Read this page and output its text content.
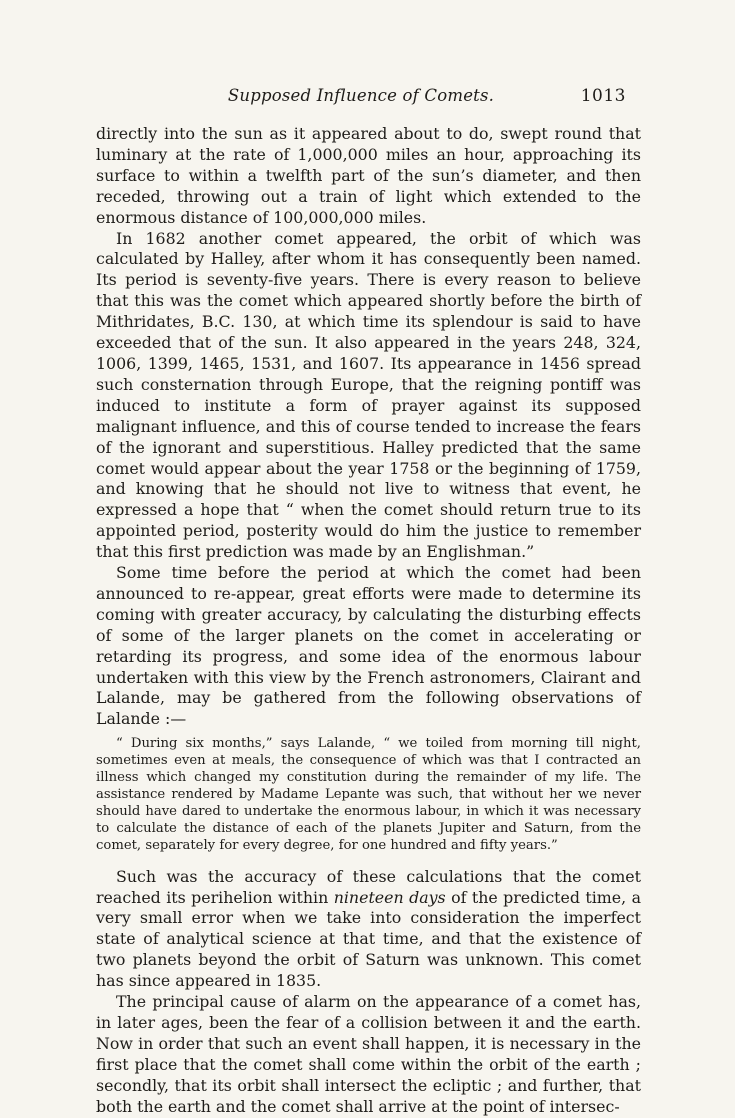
Supposed Influence of Comets.	1013

directly into the sun as it appeared about to do, swept round that luminary at the rate of 1,000,000 miles an hour, approaching its surface to within a twelfth part of the sun’s diameter, and then receded, throwing out a train of light which extended to the enormous distance of 100,000,000 miles.

In 1682 another comet appeared, the orbit of which was calculated by Halley, after whom it has consequently been named. Its period is seventy-five years. There is every reason to believe that this was the comet which appeared shortly before the birth of Mithridates, B.C. 130, at which time its splendour is said to have exceeded that of the sun. It also appeared in the years 248, 324, 1006, 1399, 1465, 1531, and 1607. Its appearance in 1456 spread such consternation through Europe, that the reigning pontiff was induced to institute a form of prayer against its supposed malignant influence, and this of course tended to increase the fears of the ignorant and superstitious. Halley predicted that the same comet would appear about the year 1758 or the beginning of 1759, and knowing that he should not live to witness that event, he expressed a hope that “ when the comet should return true to its appointed period, posterity would do him the justice to remember that this first prediction was made by an Englishman.”

Some time before the period at which the comet had been announced to re-appear, great efforts were made to determine its coming with greater accuracy, by calculating the disturbing effects of some of the larger planets on the comet in accelerating or retarding its progress, and some idea of the enormous labour undertaken with this view by the French astronomers, Clairant and Lalande, may be gathered from the following observations of Lalande :—

“ During six months,” says Lalande, “ we toiled from morning till night, sometimes even at meals, the consequence of which was that I contracted an illness which changed my constitution during the remainder of my life. The assistance rendered by Madame Lepante was such, that without her we never should have dared to undertake the enormous labour, in which it was necessary to calculate the distance of each of the planets Jupiter and Saturn, from the comet, separately for every degree, for one hundred and fifty years.”

Such was the accuracy of these calculations that the comet reached its perihelion within nineteen days of the predicted time, a very small error when we take into consideration the imperfect state of analytical science at that time, and that the existence of two planets beyond the orbit of Saturn was unknown. This comet has since appeared in 1835.

The principal cause of alarm on the appearance of a comet has, in later ages, been the fear of a collision between it and the earth. Now in order that such an event shall happen, it is necessary in the first place that the comet shall come within the orbit of the earth ; secondly, that its orbit shall intersect the ecliptic ; and further, that both the earth and the comet shall arrive at the point of intersec-
